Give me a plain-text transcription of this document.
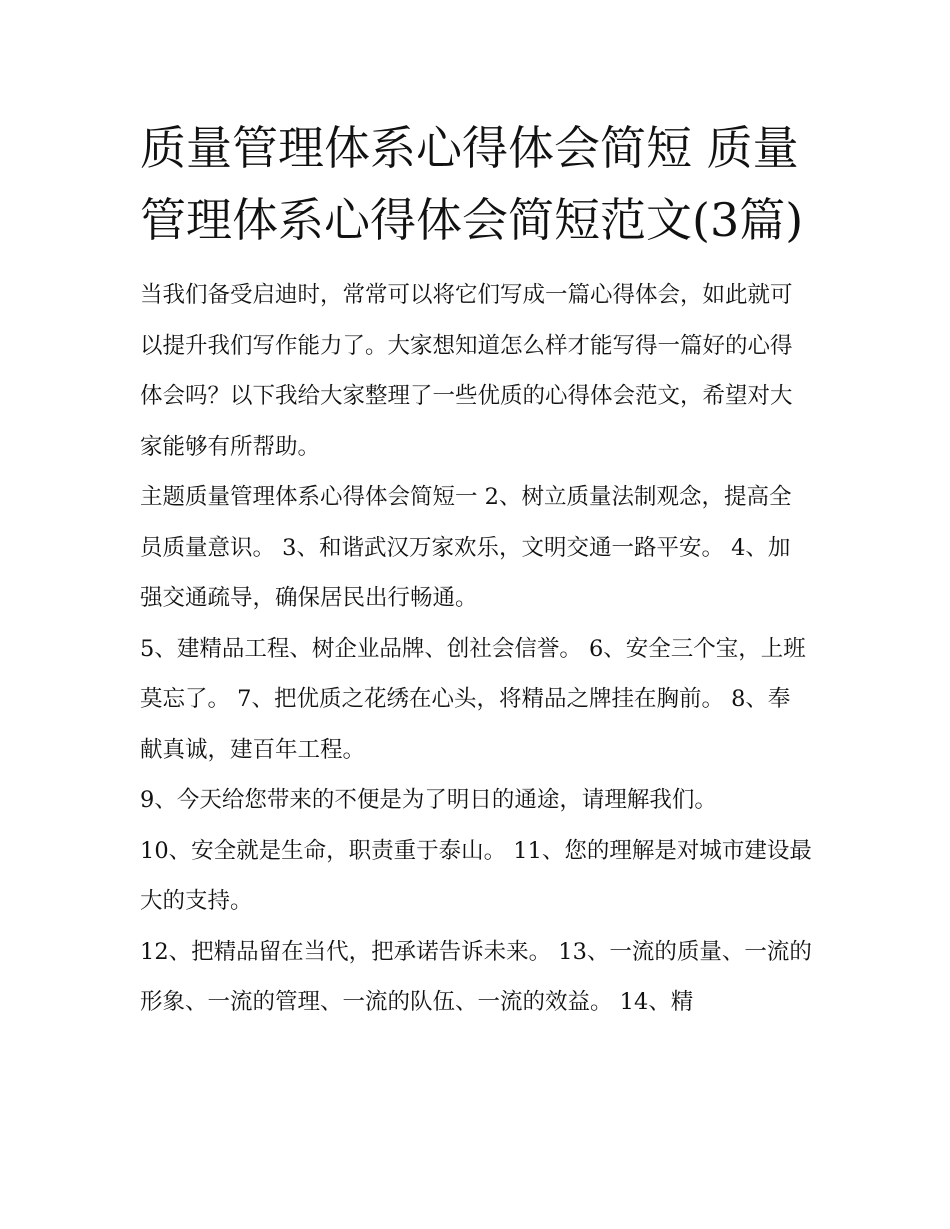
质量管理体系心得体会简短 质量管理体系心得体会简短范文(3篇)

当我们备受启迪时，常常可以将它们写成一篇心得体会，如此就可以提升我们写作能力了。大家想知道怎么样才能写得一篇好的心得体会吗？以下我给大家整理了一些优质的心得体会范文，希望对大家能够有所帮助。

主题质量管理体系心得体会简短一 2、树立质量法制观念，提高全员质量意识。 3、和谐武汉万家欢乐，文明交通一路平安。 4、加强交通疏导，确保居民出行畅通。

5、建精品工程、树企业品牌、创社会信誉。 6、安全三个宝，上班莫忘了。 7、把优质之花绣在心头，将精品之牌挂在胸前。 8、奉献真诚，建百年工程。

9、今天给您带来的不便是为了明日的通途，请理解我们。

10、安全就是生命，职责重于泰山。 11、您的理解是对城市建设最大的支持。

12、把精品留在当代，把承诺告诉未来。 13、一流的质量、一流的形象、一流的管理、一流的队伍、一流的效益。 14、精
